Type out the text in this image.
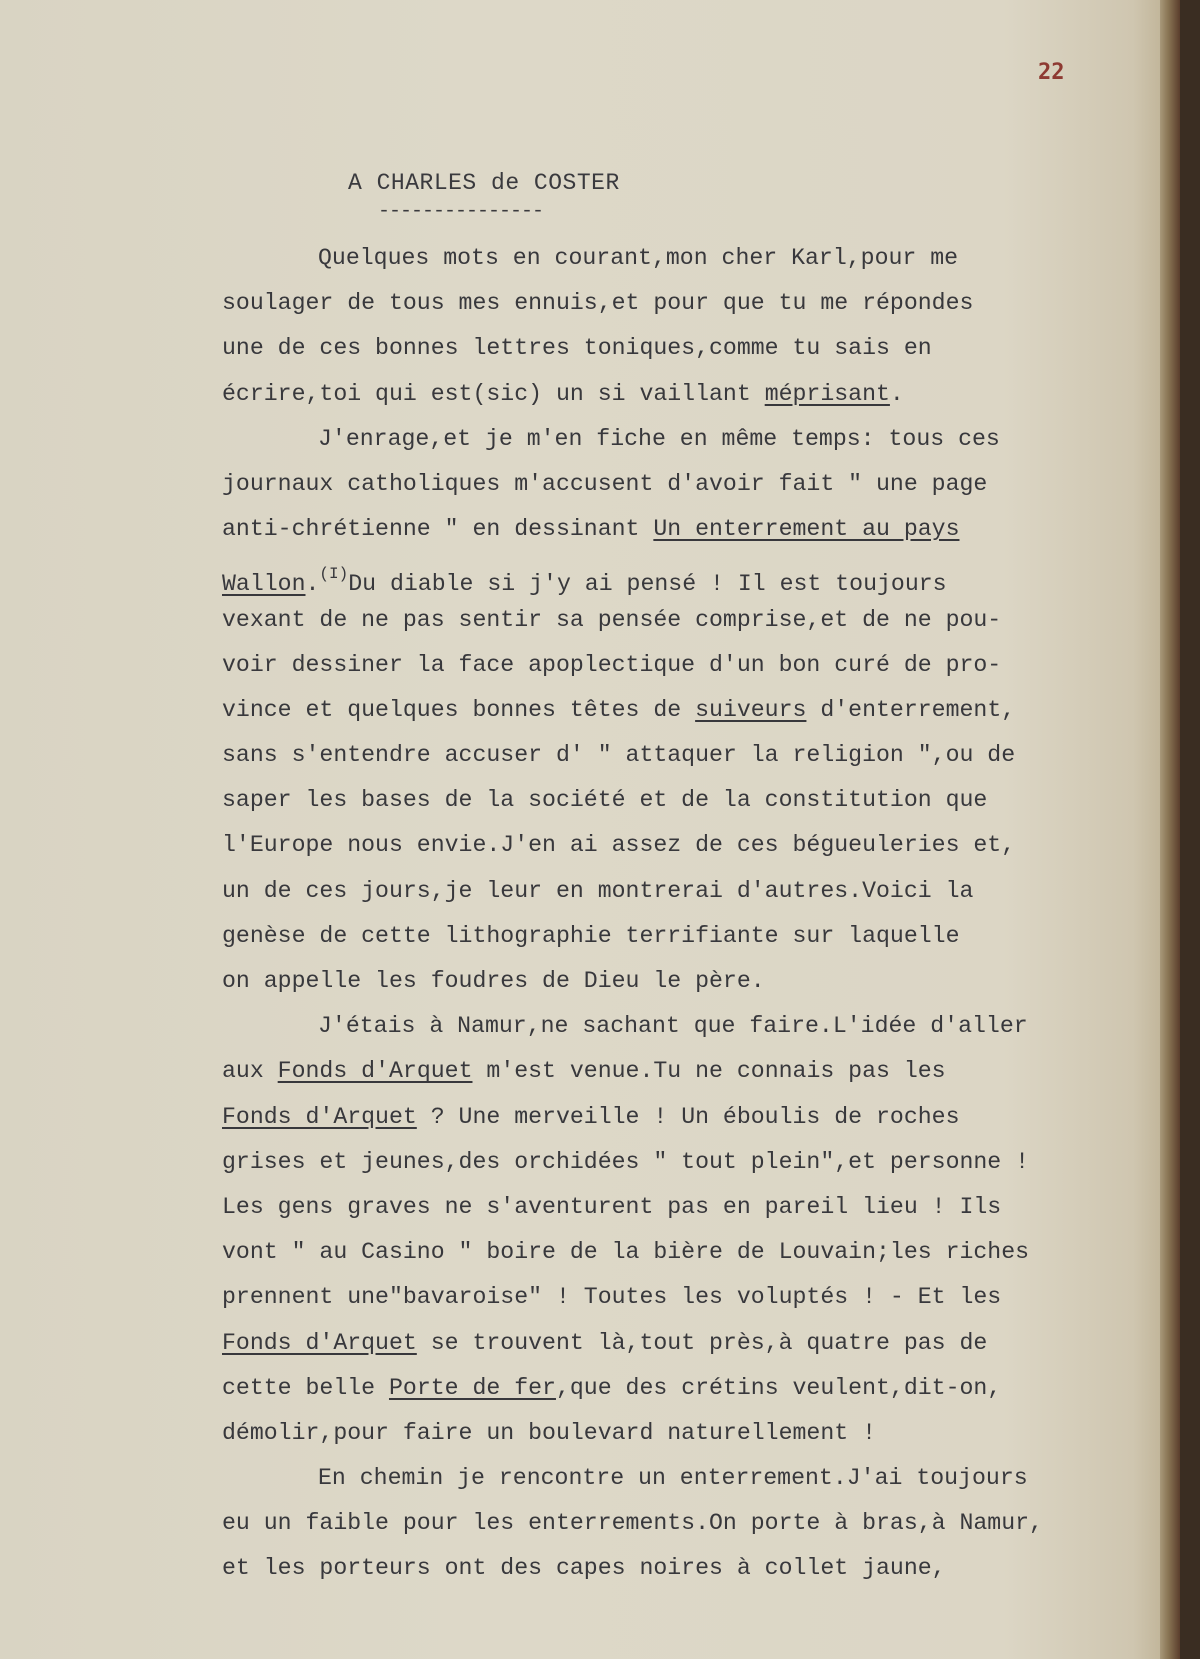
22
A CHARLES de COSTER
---------------
Quelques mots en courant,mon cher Karl,pour me
soulager de tous mes ennuis,et pour que tu me répondes
une de ces bonnes lettres toniques,comme tu sais en
écrire,toi qui est(sic) un si vaillant méprisant.
J'enrage,et je m'en fiche en même temps: tous ces
journaux catholiques m'accusent d'avoir fait " une page
anti-chrétienne " en dessinant Un enterrement au pays
Wallon.$^{(I)}$Du diable si j'y ai pensé ! Il est toujours
vexant de ne pas sentir sa pensée comprise,et de ne pou-
voir dessiner la face apoplectique d'un bon curé de pro-
vince et quelques bonnes têtes de suiveurs d'enterrement,
sans s'entendre accuser d' " attaquer la religion ",ou de
saper les bases de la société et de la constitution que
l'Europe nous envie.J'en ai assez de ces bégueuleries et,
un de ces jours,je leur en montrerai d'autres.Voici la
genèse de cette lithographie terrifiante sur laquelle
on appelle les foudres de Dieu le père.
J'étais à Namur,ne sachant que faire.L'idée d'aller
aux Fonds d'Arquet m'est venue.Tu ne connais pas les
Fonds d'Arquet ? Une merveille ! Un éboulis de roches
grises et jeunes,des orchidées " tout plein",et personne !
Les gens graves ne s'aventurent pas en pareil lieu ! Ils
vont " au Casino " boire de la bière de Louvain;les riches
prennent une"bavaroise" ! Toutes les voluptés ! - Et les
Fonds d'Arquet se trouvent là,tout près,à quatre pas de
cette belle Porte de fer,que des crétins veulent,dit-on,
démolir,pour faire un boulevard naturellement !
En chemin je rencontre un enterrement.J'ai toujours
eu un faible pour les enterrements.On porte à bras,à Namur,
et les porteurs ont des capes noires à collet jaune,
